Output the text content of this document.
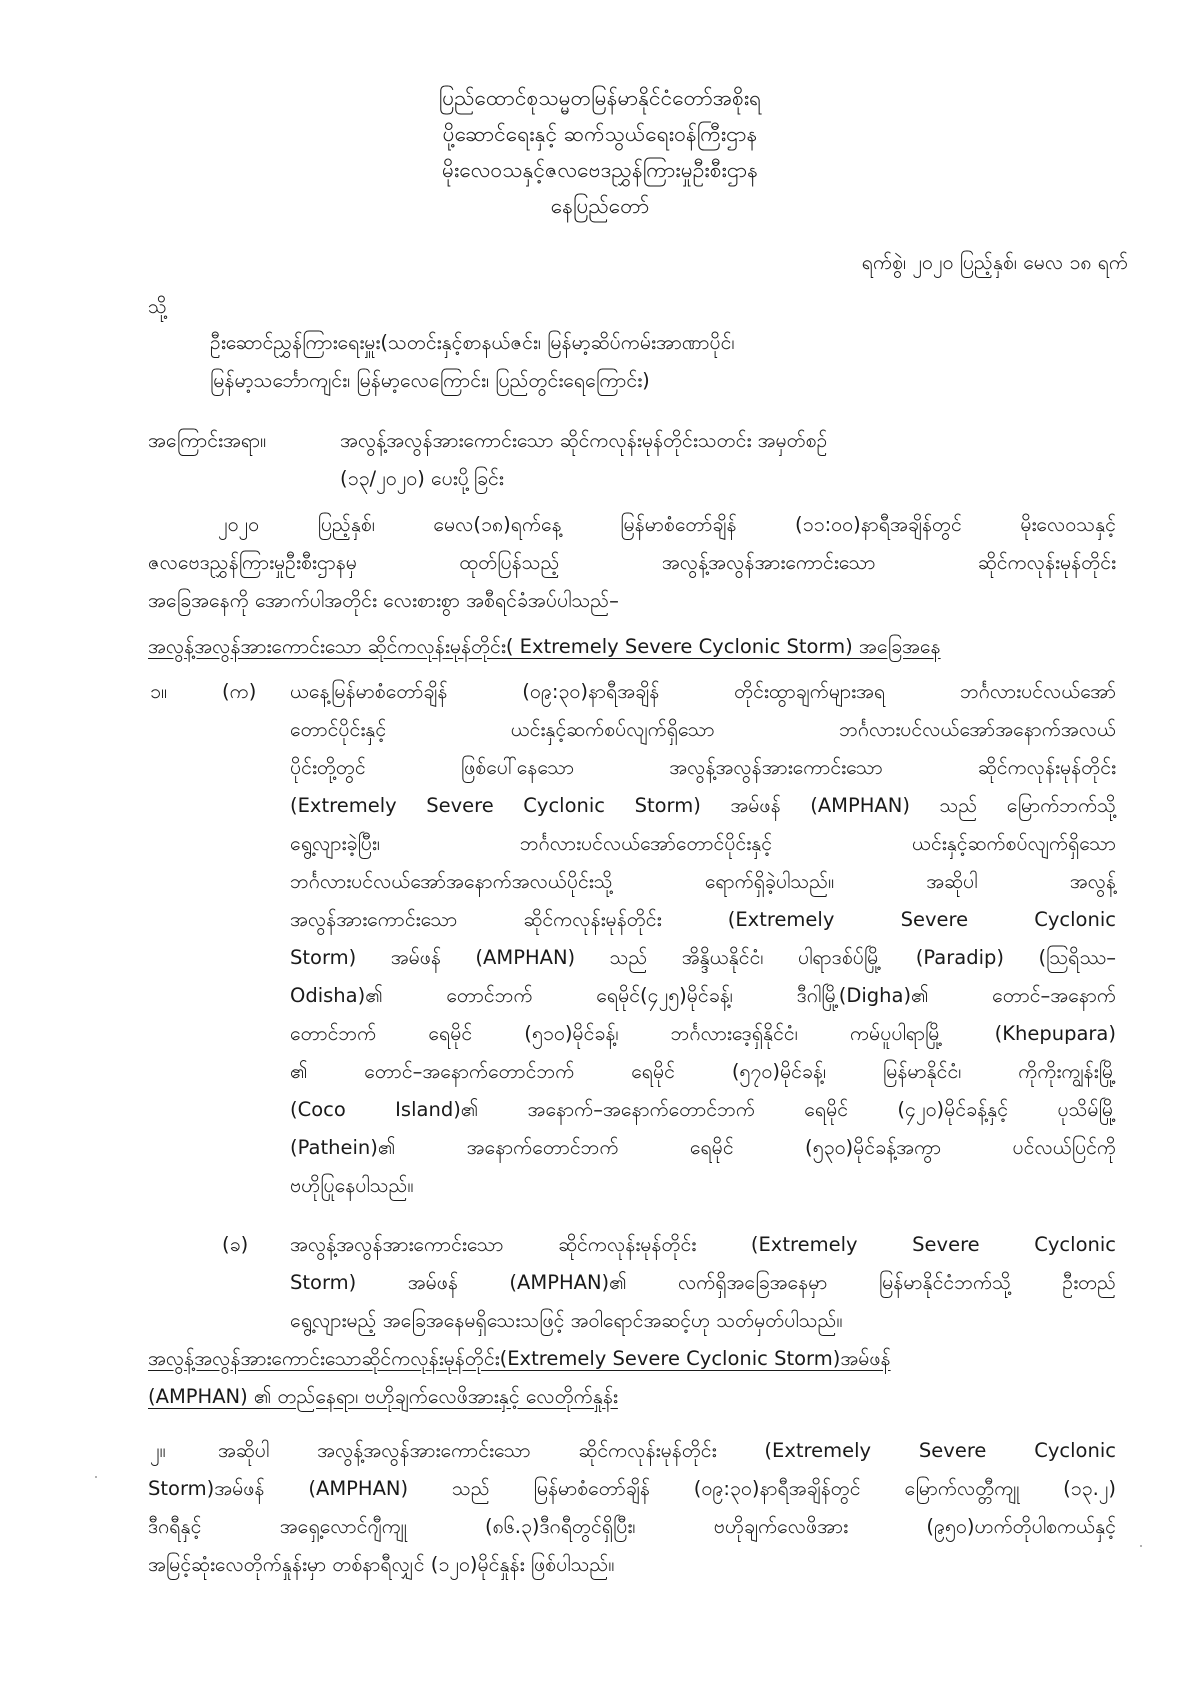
ပြည်ထောင်စုသမ္မတမြန်မာနိုင်ငံတော်အစိုးရ
ပို့ဆောင်ရေးနှင့် ဆက်သွယ်ရေးဝန်ကြီးဌာန
မိုးလေဝသနှင့်ဇလဗေဒညွှန်ကြားမှုဦးစီးဌာန
နေပြည်တော်
ရက်စွဲ၊ ၂၀၂၀ ပြည့်နှစ်၊ မေလ ၁၈ ရက်
သို့
ဦးဆောင်ညွှန်ကြားရေးမှူး(သတင်းနှင့်စာနယ်ဇင်း၊ မြန်မာ့ဆိပ်ကမ်းအာဏာပိုင်၊
မြန်မာ့သင်္ဘောကျင်း၊ မြန်မာ့လေကြောင်း၊ ပြည်တွင်းရေကြောင်း)
အကြောင်းအရာ။	အလွန့်အလွန်အားကောင်းသော ဆိုင်ကလုန်းမုန်တိုင်းသတင်း အမှတ်စဉ်
(၁၃/၂၀၂၀) ပေးပို့ခြင်း
၂၀၂၀ ပြည့်နှစ်၊ မေလ(၁၈)ရက်နေ့ မြန်မာစံတော်ချိန် (၁၁:၀၀)နာရီအချိန်တွင် မိုးလေဝသနှင့်
ဇလဗေဒညွှန်ကြားမှုဦးစီးဌာနမှ ထုတ်ပြန်သည့် အလွန့်အလွန်အားကောင်းသော ဆိုင်ကလုန်းမုန်တိုင်း
အခြေအနေကို အောက်ပါအတိုင်း လေးစားစွာ အစီရင်ခံအပ်ပါသည်–
အလွန့်အလွန်အားကောင်းသော ဆိုင်ကလုန်းမုန်တိုင်း( Extremely Severe Cyclonic Storm) အခြေအနေ
၁။	(က) ယနေ့မြန်မာစံတော်ချိန် (၀၉:၃၀)နာရီအချိန် တိုင်းထွာချက်များအရ ဘင်္ဂလားပင်လယ်အော်
တောင်ပိုင်းနှင့် ယင်းနှင့်ဆက်စပ်လျက်ရှိသော ဘင်္ဂလားပင်လယ်အော်အနောက်အလယ်
ပိုင်းတို့တွင် ဖြစ်ပေါ်နေသော အလွန့်အလွန်အားကောင်းသော ဆိုင်ကလုန်းမုန်တိုင်း
(Extremely Severe Cyclonic Storm) အမ်ဖန် (AMPHAN) သည် မြောက်ဘက်သို့
ရွေ့လျားခဲ့ပြီး၊ ဘင်္ဂလားပင်လယ်အော်တောင်ပိုင်းနှင့် ယင်းနှင့်ဆက်စပ်လျက်ရှိသော
ဘင်္ဂလားပင်လယ်အော်အနောက်အလယ်ပိုင်းသို့ ရောက်ရှိခဲ့ပါသည်။ အဆိုပါ အလွန့်
အလွန်အားကောင်းသော ဆိုင်ကလုန်းမုန်တိုင်း (Extremely Severe Cyclonic
Storm) အမ်ဖန် (AMPHAN) သည် အိန္ဒိယနိုင်ငံ၊ ပါရာဒစ်ပ်မြို့ (Paradip) (ဩရိဿ–
Odisha)၏ တောင်ဘက် ရေမိုင်(၄၂၅)မိုင်ခန့်၊ ဒီဂါမြို့(Digha)၏ တောင်–အနောက်
တောင်ဘက် ရေမိုင် (၅၁၀)မိုင်ခန့်၊ ဘင်္ဂလားဒေ့ရှ်နိုင်ငံ၊ ကမ်ပူပါရာမြို့ (Khepupara)
၏ တောင်–အနောက်တောင်ဘက် ရေမိုင် (၅၇၀)မိုင်ခန့်၊ မြန်မာနိုင်ငံ၊ ကိုကိုးကျွန်းမြို့
(Coco Island)၏ အနောက်–အနောက်တောင်ဘက် ရေမိုင် (၄၂၀)မိုင်ခန့်နှင့် ပုသိမ်မြို့
(Pathein)၏ အနောက်တောင်ဘက် ရေမိုင် (၅၃၀)မိုင်ခန့်အကွာ ပင်လယ်ပြင်ကို
ဗဟိုပြုနေပါသည်။
(ခ) အလွန့်အလွန်အားကောင်းသော ဆိုင်ကလုန်းမုန်တိုင်း (Extremely Severe Cyclonic
Storm) အမ်ဖန် (AMPHAN)၏ လက်ရှိအခြေအနေမှာ မြန်မာနိုင်ငံဘက်သို့ ဦးတည်
ရွေ့လျားမည့် အခြေအနေမရှိသေးသဖြင့် အဝါရောင်အဆင့်ဟု သတ်မှတ်ပါသည်။
အလွန့်အလွန်အားကောင်းသောဆိုင်ကလုန်းမုန်တိုင်း(Extremely Severe Cyclonic Storm)အမ်ဖန်
(AMPHAN) ၏ တည်နေရာ၊ ဗဟိုချက်လေဖိအားနှင့် လေတိုက်နှုန်း
၂။	အဆိုပါ အလွန့်အလွန်အားကောင်းသော ဆိုင်ကလုန်းမုန်တိုင်း (Extremely Severe Cyclonic
Storm)အမ်ဖန် (AMPHAN) သည် မြန်မာစံတော်ချိန် (၀၉:၃၀)နာရီအချိန်တွင် မြောက်လတ္တီကျု (၁၃.၂)
ဒီဂရီနှင့် အရှေ့လောင်ဂျီကျု (၈၆.၃)ဒီဂရီတွင်ရှိပြီး၊ ဗဟိုချက်လေဖိအား (၉၅၀)ဟက်တိုပါစကယ်နှင့်
အမြင့်ဆုံးလေတိုက်နှုန်းမှာ တစ်နာရီလျှင် (၁၂၀)မိုင်နှုန်း ဖြစ်ပါသည်။
